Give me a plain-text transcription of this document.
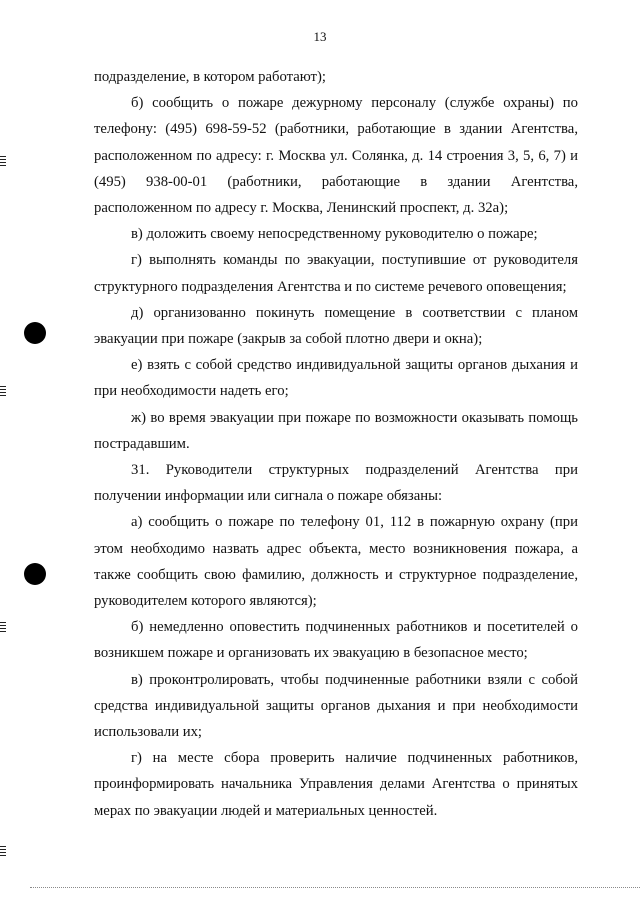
13

подразделение, в котором работают);

б) сообщить о пожаре дежурному персоналу (службе охраны) по телефону: (495) 698-59-52 (работники, работающие в здании Агентства, расположенном по адресу: г. Москва ул. Солянка, д. 14 строения 3, 5, 6, 7) и (495) 938-00-01 (работники, работающие в здании Агентства, расположенном по адресу г. Москва, Ленинский проспект, д. 32а);

в) доложить своему непосредственному руководителю о пожаре;

г) выполнять команды по эвакуации, поступившие от руководителя структурного подразделения Агентства и по системе речевого оповещения;

д) организованно покинуть помещение в соответствии с планом эвакуации при пожаре (закрыв за собой плотно двери и окна);

е) взять с собой средство индивидуальной защиты органов дыхания и при необходимости надеть его;

ж) во время эвакуации при пожаре по возможности оказывать помощь пострадавшим.

31. Руководители структурных подразделений Агентства при получении информации или сигнала о пожаре обязаны:

а) сообщить о пожаре по телефону 01, 112 в пожарную охрану (при этом необходимо назвать адрес объекта, место возникновения пожара, а также сообщить свою фамилию, должность и структурное подразделение, руководителем которого являются);

б) немедленно оповестить подчиненных работников и посетителей о возникшем пожаре и организовать их эвакуацию в безопасное место;

в) проконтролировать, чтобы подчиненные работники взяли с собой средства индивидуальной защиты органов дыхания и при необходимости использовали их;

г) на месте сбора проверить наличие подчиненных работников, проинформировать начальника Управления делами Агентства о принятых мерах по эвакуации людей и материальных ценностей.
